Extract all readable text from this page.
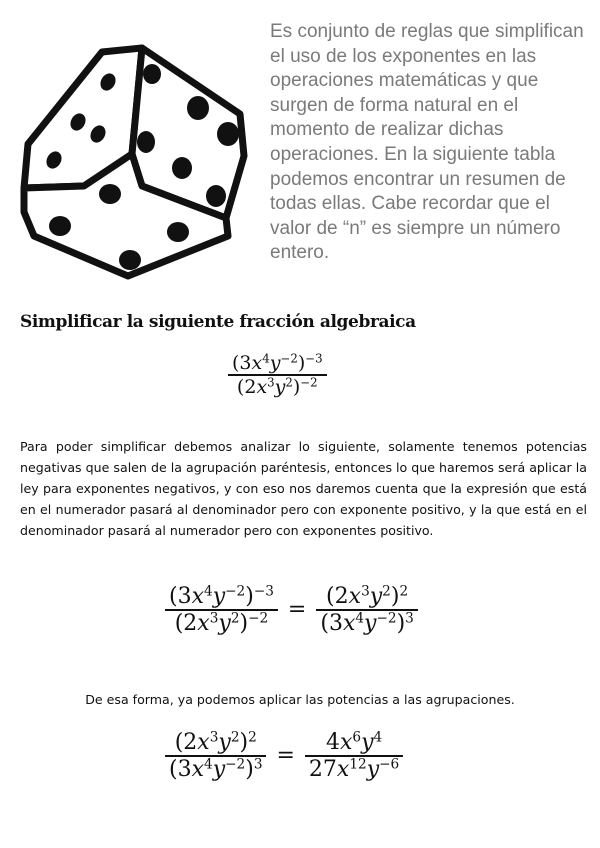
Es conjunto de reglas que simplifican el uso de los exponentes en las operaciones matemáticas y que surgen de forma natural en el momento de realizar dichas operaciones. En la siguiente tabla podemos encontrar un resumen de todas ellas. Cabe recordar que el valor de “n” es siempre un número entero.

Simplificar la siguiente fracción algebraica
$\frac{(3x^4y^{-2})^{-3}}{(2x^3y^2)^{-2}}$

Para poder simplificar debemos analizar lo siguiente, solamente tenemos potencias negativas que salen de la agrupación paréntesis, entonces lo que haremos será aplicar la ley para exponentes negativos, y con eso nos daremos cuenta que la expresión que está en el numerador pasará al denominador pero con exponente positivo, y la que está en el denominador pasará al numerador pero con exponentes positivo.

$\frac{(3x^4y^{-2})^{-3}}{(2x^3y^2)^{-2}} = \frac{(2x^3y^2)^2}{(3x^4y^{-2})^3}$

De esa forma, ya podemos aplicar las potencias a las agrupaciones.

$\frac{(2x^3y^2)^2}{(3x^4y^{-2})^3} = \frac{4x^6y^4}{27x^{12}y^{-6}}$
